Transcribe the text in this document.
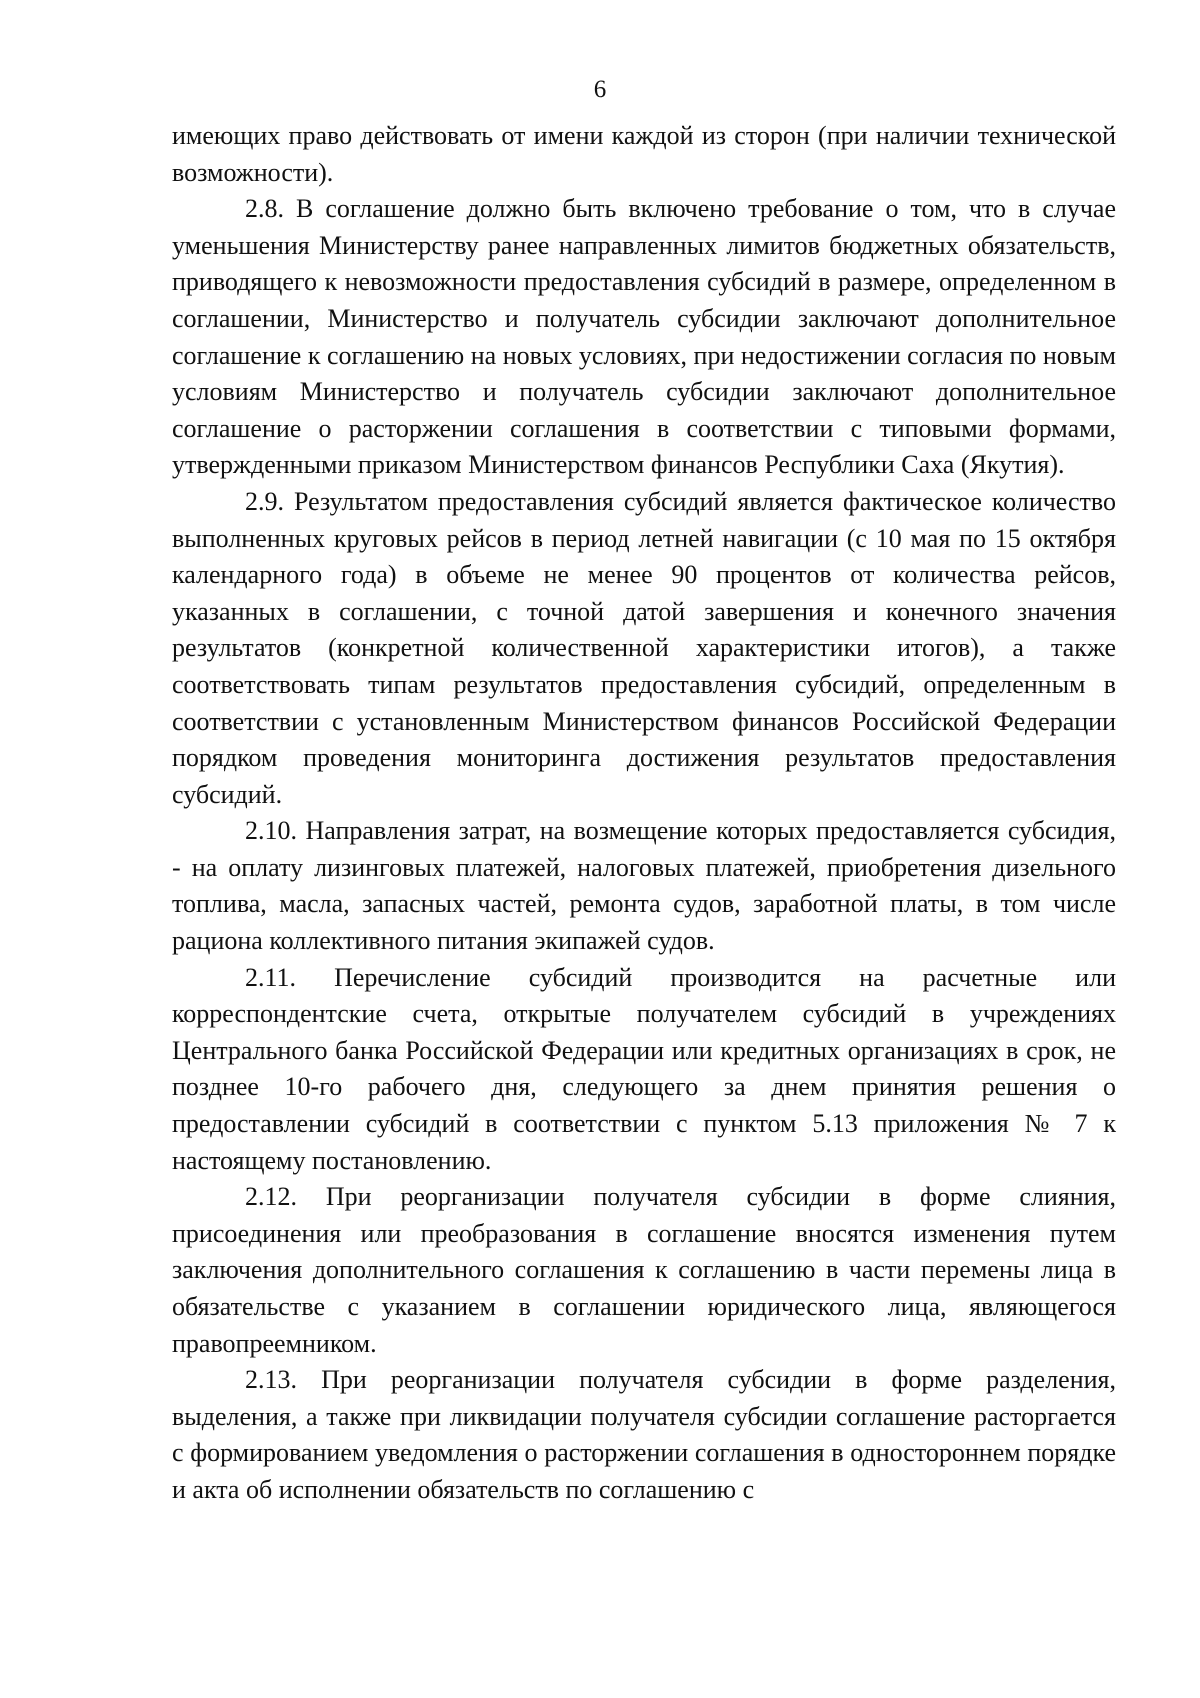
6

имеющих право действовать от имени каждой из сторон (при наличии технической возможности).

2.8. В соглашение должно быть включено требование о том, что в случае уменьшения Министерству ранее направленных лимитов бюджетных обязательств, приводящего к невозможности предоставления субсидий в размере, определенном в соглашении, Министерство и получатель субсидии заключают дополнительное соглашение к соглашению на новых условиях, при недостижении согласия по новым условиям Министерство и получатель субсидии заключают дополнительное соглашение о расторжении соглашения в соответствии с типовыми формами, утвержденными приказом Министерством финансов Республики Саха (Якутия).

2.9. Результатом предоставления субсидий является фактическое количество выполненных круговых рейсов в период летней навигации (с 10 мая по 15 октября календарного года) в объеме не менее 90 процентов от количества рейсов, указанных в соглашении, с точной датой завершения и конечного значения результатов (конкретной количественной характеристики итогов), а также соответствовать типам результатов предоставления субсидий, определенным в соответствии с установленным Министерством финансов Российской Федерации порядком проведения мониторинга достижения результатов предоставления субсидий.

2.10. Направления затрат, на возмещение которых предоставляется субсидия, - на оплату лизинговых платежей, налоговых платежей, приобретения дизельного топлива, масла, запасных частей, ремонта судов, заработной платы, в том числе рациона коллективного питания экипажей судов.

2.11. Перечисление субсидий производится на расчетные или корреспондентские счета, открытые получателем субсидий в учреждениях Центрального банка Российской Федерации или кредитных организациях в срок, не позднее 10-го рабочего дня, следующего за днем принятия решения о предоставлении субсидий в соответствии с пунктом 5.13 приложения № 7 к настоящему постановлению.

2.12. При реорганизации получателя субсидии в форме слияния, присоединения или преобразования в соглашение вносятся изменения путем заключения дополнительного соглашения к соглашению в части перемены лица в обязательстве с указанием в соглашении юридического лица, являющегося правопреемником.

2.13. При реорганизации получателя субсидии в форме разделения, выделения, а также при ликвидации получателя субсидии соглашение расторгается с формированием уведомления о расторжении соглашения в одностороннем порядке и акта об исполнении обязательств по соглашению с
